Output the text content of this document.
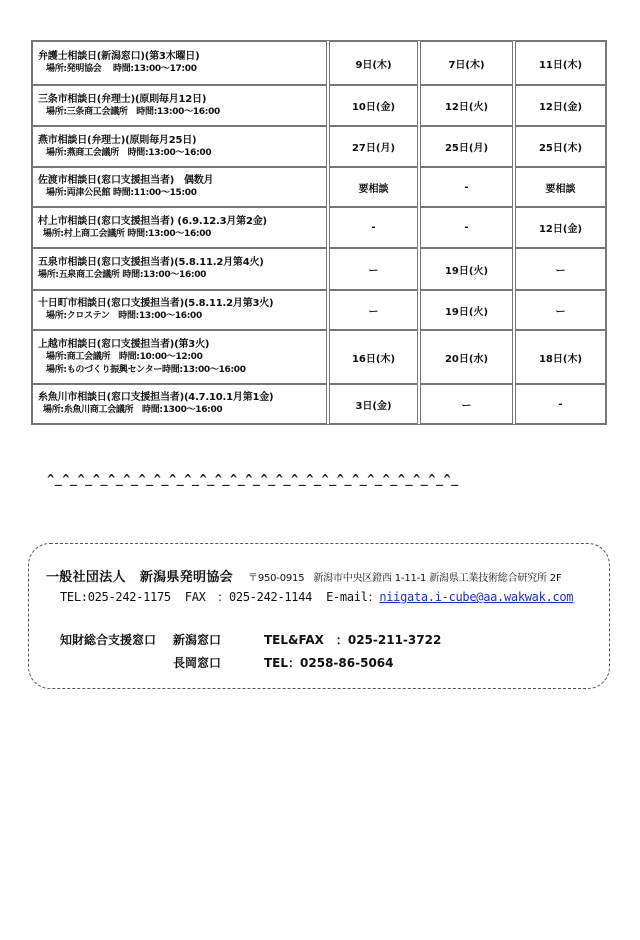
弁護士相談日(新潟窓口)(第3木曜日)
場所:発明協会　 時間:13:00～17:00		9日(木)		7日(木)		11日(木)

三条市相談日(弁理士)(原則毎月12日)
場所:三条商工会議所　時間:13:00～16:00		10日(金)		12日(火)		12日(金)

燕市相談日(弁理士)(原則毎月25日)
場所:燕商工会議所　時間:13:00～16:00		27日(月)		25日(月)		25日(木)

佐渡市相談日(窓口支援担当者)　偶数月
場所:両津公民館 時間:11:00～15:00		要相談		-		要相談

村上市相談日(窓口支援担当者) (6.9.12.3月第2金)
場所:村上商工会議所 時間:13:00～16:00		-		-		12日(金)

五泉市相談日(窓口支援担当者)(5.8.11.2月第4火)
場所:五泉商工会議所 時間:13:00～16:00		ー		19日(火)		ー

十日町市相談日(窓口支援担当者)(5.8.11.2月第3火)
場所:クロステン　時間:13:00～16:00		ー		19日(火)		ー

上越市相談日(窓口支援担当者)(第3火)
場所:商工会議所　時間:10:00～12:00
場所:ものづくり振興センター時間:13:00～16:00		16日(木)		20日(水)		18日(木)

糸魚川市相談日(窓口支援担当者)(4.7.10.1月第1金)
場所:糸魚川商工会議所　時間:1300～16:00		3日(金)		ー		-
^_^_^_^_^_^_^_^_^_^_^_^_^_^_^_^_^_^_^_^_^_^_^_^_^_^_^_
一般社団法人 新潟県発明協会 〒950-0915 新潟市中央区鐙西 1-11-1 新潟県工業技術総合研究所 2F
TEL:025-242-1175 FAX　：025-242-1144 E-mail：niigata.i-cube@aa.wakwak.com
知財総合支援窓口 新潟窓口	TEL&FAX　：025-211-3722
長岡窓口	TEL：0258-86-5064
